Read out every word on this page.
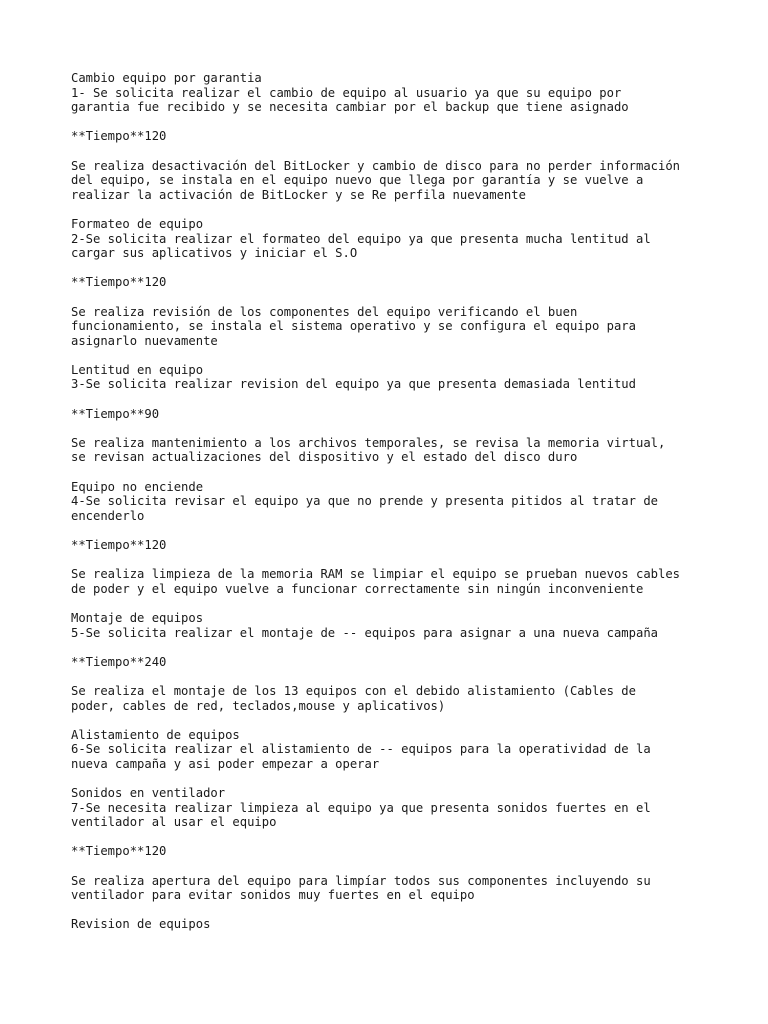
Cambio equipo por garantia
1- Se solicita realizar el cambio de equipo al usuario ya que su equipo por
garantia fue recibido y se necesita cambiar por el backup que tiene asignado
**Tiempo**120
Se realiza desactivación del BitLocker y cambio de disco para no perder información
del equipo, se instala en el equipo nuevo que llega por garantía y se vuelve a
realizar la activación de BitLocker y se Re perfila nuevamente
Formateo de equipo
2-Se solicita realizar el formateo del equipo ya que presenta mucha lentitud al
cargar sus aplicativos y iniciar el S.O
**Tiempo**120
Se realiza revisión de los componentes del equipo verificando el buen
funcionamiento, se instala el sistema operativo y se configura el equipo para
asignarlo nuevamente
Lentitud en equipo
3-Se solicita realizar revision del equipo ya que presenta demasiada lentitud
**Tiempo**90
Se realiza mantenimiento a los archivos temporales, se revisa la memoria virtual,
se revisan actualizaciones del dispositivo y el estado del disco duro
Equipo no enciende
4-Se solicita revisar el equipo ya que no prende y presenta pitidos al tratar de
encenderlo
**Tiempo**120
Se realiza limpieza de la memoria RAM se limpiar el equipo se prueban nuevos cables
de poder y el equipo vuelve a funcionar correctamente sin ningún inconveniente
Montaje de equipos
5-Se solicita realizar el montaje de -- equipos para asignar a una nueva campaña
**Tiempo**240
Se realiza el montaje de los 13 equipos con el debido alistamiento (Cables de
poder, cables de red, teclados,mouse y aplicativos)
Alistamiento de equipos
6-Se solicita realizar el alistamiento de -- equipos para la operatividad de la
nueva campaña y asi poder empezar a operar
Sonidos en ventilador
7-Se necesita realizar limpieza al equipo ya que presenta sonidos fuertes en el
ventilador al usar el equipo
**Tiempo**120
Se realiza apertura del equipo para limpíar todos sus componentes incluyendo su
ventilador para evitar sonidos muy fuertes en el equipo
Revision de equipos
